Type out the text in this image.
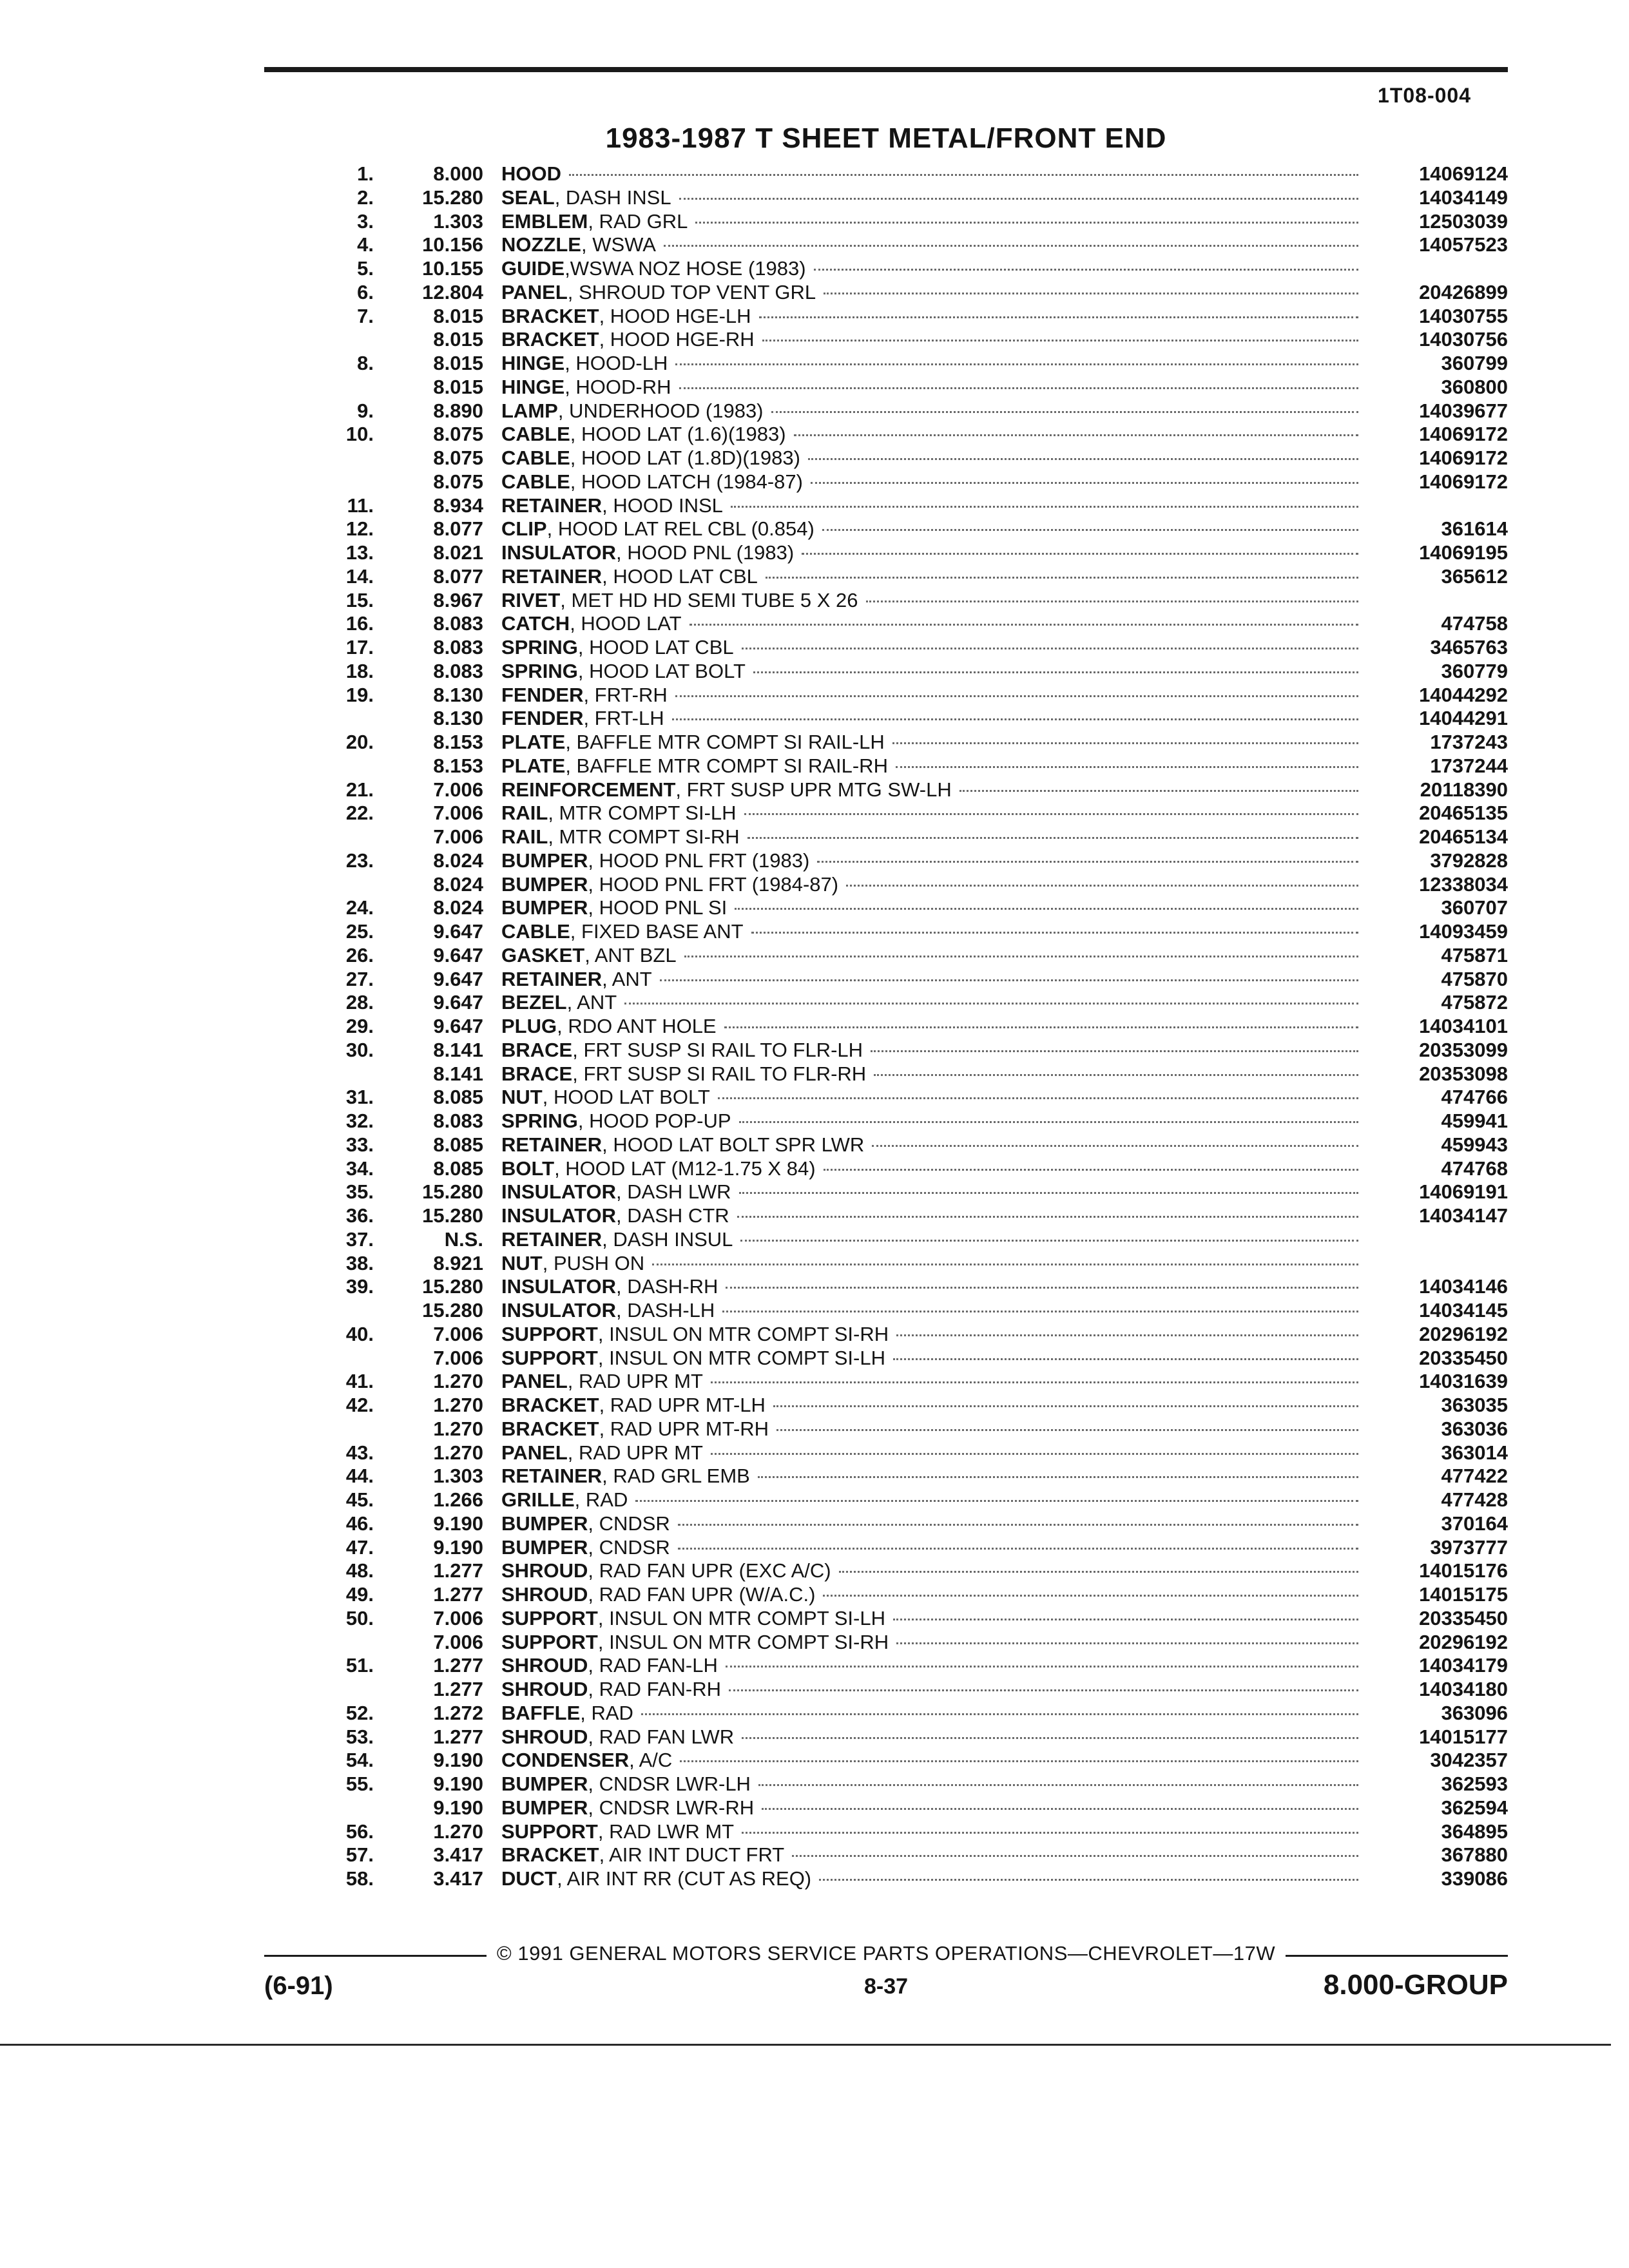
1T08-004
1983-1987 T SHEET METAL/FRONT END
1.	8.000 HOOD	14069124
2.	15.280 SEAL , DASH INSL	14034149
3.	1.303 EMBLEM , RAD GRL	12503039
4.	10.156 NOZZLE , WSWA	14057523
5.	10.155 GUIDE ,WSWA NOZ HOSE (1983)
6.	12.804 PANEL , SHROUD TOP VENT GRL	20426899
7.	8.015 BRACKET , HOOD HGE-LH	14030755
8.015 BRACKET , HOOD HGE-RH	14030756
8.	8.015 HINGE , HOOD-LH	360799
8.015 HINGE , HOOD-RH	360800
9.	8.890 LAMP , UNDERHOOD (1983)	14039677
10.	8.075 CABLE , HOOD LAT (1.6)(1983)	14069172
8.075 CABLE , HOOD LAT (1.8D)(1983)	14069172
8.075 CABLE , HOOD LATCH (1984-87)	14069172
11.	8.934 RETAINER , HOOD INSL
12.	8.077 CLIP , HOOD LAT REL CBL (0.854)	361614
13.	8.021 INSULATOR , HOOD PNL (1983)	14069195
14.	8.077 RETAINER , HOOD LAT CBL	365612
15.	8.967 RIVET , MET HD HD SEMI TUBE 5 X 26
16.	8.083 CATCH , HOOD LAT	474758
17.	8.083 SPRING , HOOD LAT CBL	3465763
18.	8.083 SPRING , HOOD LAT BOLT	360779
19.	8.130 FENDER , FRT-RH	14044292
8.130 FENDER , FRT-LH	14044291
20.	8.153 PLATE , BAFFLE MTR COMPT SI RAIL-LH	1737243
8.153 PLATE , BAFFLE MTR COMPT SI RAIL-RH	1737244
21.	7.006 REINFORCEMENT , FRT SUSP UPR MTG SW-LH	20118390
22.	7.006 RAIL , MTR COMPT SI-LH	20465135
7.006 RAIL , MTR COMPT SI-RH	20465134
23.	8.024 BUMPER , HOOD PNL FRT (1983)	3792828
8.024 BUMPER , HOOD PNL FRT (1984-87)	12338034
24.	8.024 BUMPER , HOOD PNL SI	360707
25.	9.647 CABLE , FIXED BASE ANT	14093459
26.	9.647 GASKET , ANT BZL	475871
27.	9.647 RETAINER , ANT	475870
28.	9.647 BEZEL , ANT	475872
29.	9.647 PLUG , RDO ANT HOLE	14034101
30.	8.141 BRACE , FRT SUSP SI RAIL TO FLR-LH	20353099
8.141 BRACE , FRT SUSP SI RAIL TO FLR-RH	20353098
31.	8.085 NUT , HOOD LAT BOLT	474766
32.	8.083 SPRING , HOOD POP-UP	459941
33.	8.085 RETAINER , HOOD LAT BOLT SPR LWR	459943
34.	8.085 BOLT , HOOD LAT (M12-1.75 X 84)	474768
35.	15.280 INSULATOR , DASH LWR	14069191
36.	15.280 INSULATOR , DASH CTR	14034147
37.	N.S. RETAINER , DASH INSUL
38.	8.921 NUT , PUSH ON
39.	15.280 INSULATOR , DASH-RH	14034146
15.280 INSULATOR , DASH-LH	14034145
40.	7.006 SUPPORT , INSUL ON MTR COMPT SI-RH	20296192
7.006 SUPPORT , INSUL ON MTR COMPT SI-LH	20335450
41.	1.270 PANEL , RAD UPR MT	14031639
42.	1.270 BRACKET , RAD UPR MT-LH	363035
1.270 BRACKET , RAD UPR MT-RH	363036
43.	1.270 PANEL , RAD UPR MT	363014
44.	1.303 RETAINER , RAD GRL EMB	477422
45.	1.266 GRILLE , RAD	477428
46.	9.190 BUMPER , CNDSR	370164
47.	9.190 BUMPER , CNDSR	3973777
48.	1.277 SHROUD , RAD FAN UPR (EXC A/C)	14015176
49.	1.277 SHROUD , RAD FAN UPR (W/A.C.)	14015175
50.	7.006 SUPPORT , INSUL ON MTR COMPT SI-LH	20335450
7.006 SUPPORT , INSUL ON MTR COMPT SI-RH	20296192
51.	1.277 SHROUD , RAD FAN-LH	14034179
1.277 SHROUD , RAD FAN-RH	14034180
52.	1.272 BAFFLE , RAD	363096
53.	1.277 SHROUD , RAD FAN LWR	14015177
54.	9.190 CONDENSER , A/C	3042357
55.	9.190 BUMPER , CNDSR LWR-LH	362593
9.190 BUMPER , CNDSR LWR-RH	362594
56.	1.270 SUPPORT , RAD LWR MT	364895
57.	3.417 BRACKET , AIR INT DUCT FRT	367880
58.	3.417 DUCT , AIR INT RR (CUT AS REQ)	339086
© 1991 GENERAL MOTORS SERVICE PARTS OPERATIONS—CHEVROLET—17W
(6-91)	8-37	8.000-GROUP
